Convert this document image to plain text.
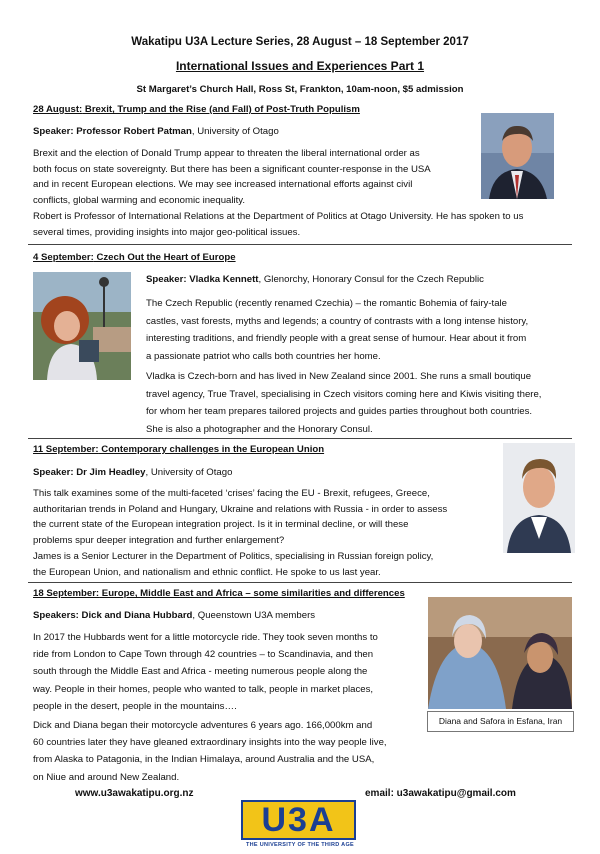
Wakatipu U3A Lecture Series, 28 August – 18 September 2017
International Issues and Experiences Part 1
St Margaret’s Church Hall, Ross St, Frankton, 10am-noon, $5 admission
28 August: Brexit, Trump and the Rise (and Fall) of Post-Truth Populism
Speaker: Professor Robert Patman, University of Otago

Brexit and the election of Donald Trump appear to threaten the liberal international order as

both focus on state sovereignty. But there has been a significant counter-response in the USA

and in recent European elections. We may see increased international efforts against civil

conflicts, global warming and economic inequality.

Robert is Professor of International Relations at the Department of Politics at Otago University. He has spoken to us

several times, providing insights into major geo-political issues.

4 September: Czech Out the Heart of Europe
Speaker: Vladka Kennett, Glenorchy, Honorary Consul for the Czech Republic

The Czech Republic (recently renamed Czechia) – the romantic Bohemia of fairy-tale

castles, vast forests, myths and legends; a country of contrasts with a long intense history,

interesting traditions, and friendly people with a great sense of humour. Hear about it from

a passionate patriot who calls both countries her home.

Vladka is Czech-born and has lived in New Zealand since 2001. She runs a small boutique

travel agency, True Travel, specialising in Czech visitors coming here and Kiwis visiting there,

for whom her team prepares tailored projects and guides parties throughout both countries.

She is also a photographer and the Honorary Consul.

11 September: Contemporary challenges in the European Union
Speaker: Dr Jim Headley, University of Otago

This talk examines some of the multi-faceted ‘crises’ facing the EU - Brexit, refugees, Greece,

authoritarian trends in Poland and Hungary, Ukraine and relations with Russia - in order to assess

the current state of the European integration project. Is it in terminal decline, or will these

problems spur deeper integration and further enlargement?

James is a Senior Lecturer in the Department of Politics, specialising in Russian foreign policy,

the European Union, and nationalism and ethnic conflict. He spoke to us last year.

18 September: Europe, Middle East and Africa – some similarities and differences
Speakers: Dick and Diana Hubbard, Queenstown U3A members

In 2017 the Hubbards went for a little motorcycle ride. They took seven months to

ride from London to Cape Town through 42 countries – to Scandinavia, and then

south through the Middle East and Africa - meeting numerous people along the

way. People in their homes, people who wanted to talk, people in market places,

people in the desert, people in the mountains….

Dick and Diana began their motorcycle adventures 6 years ago. 166,000km and

60 countries later they have gleaned extraordinary insights into the way people live,

from Alaska to Patagonia, in the Indian Himalaya, around Australia and the USA,

on Niue and around New Zealand.

Diana and Safora in Esfana, Iran
www.u3awakatipu.org.nz	email: u3awakatipu@gmail.com
U3A
THE UNIVERSITY OF THE THIRD AGE
